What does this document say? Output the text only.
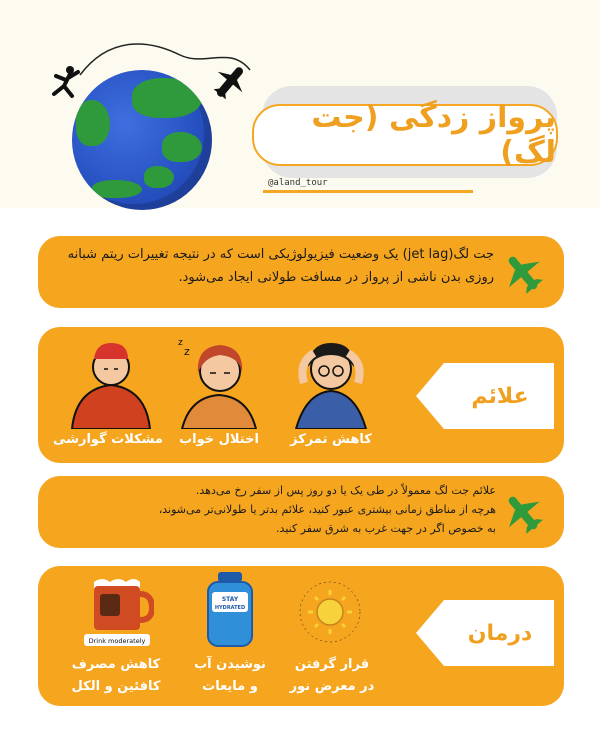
پرواز زدگی (جت لگ)
@aland_tour
جت لگ(jet lag) یک وضعیت فیزیولوژیکی است که در نتیجه تغییرات ریتم شبانه روزی بدن ناشی از پرواز در مسافت طولانی ایجاد می‌شود.
علائم
z
z
کاهش تمرکز
اختلال خواب
مشکلات گوارشی
علائم جت لگ معمولاً در طی یک یا دو روز پس از سفر رخ می‌دهد.
هرچه از مناطق زمانی بیشتری عبور کنید، علائم بدتر یا طولانی‌تر می‌شوند،
به خصوص اگر در جهت غرب به شرق سفر کنید.
درمان
STAY
HYDRATED
Drink moderately
قرار گرفتن
در معرض نور
نوشیدن آب
و مایعات
کاهش مصرف
کافئین و الکل
